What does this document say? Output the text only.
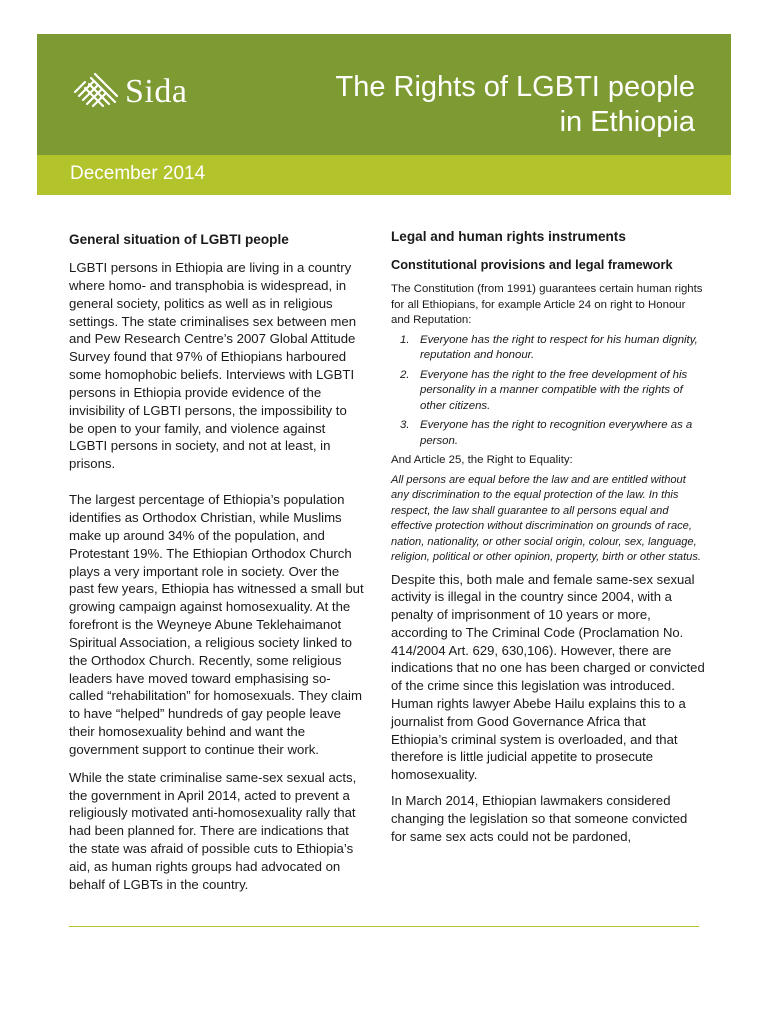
Sida	The Rights of LGBTI people
in Ethiopia
December 2014
General situation of LGBTI people

LGBTI persons in Ethiopia are living in a country where homo- and transphobia is widespread, in general society, politics as well as in religious settings. The state criminalises sex between men and Pew Research Centre’s 2007 Global Attitude Survey found that 97% of Ethiopians harboured some homophobic beliefs. Interviews with LGBTI persons in Ethiopia provide evidence of the invisibility of LGBTI persons, the impossibility to be open to your family, and violence against LGBTI persons in society, and not at least, in prisons.

The largest percentage of Ethiopia’s population identifies as Orthodox Christian, while Muslims make up around 34% of the population, and Protestant 19%. The Ethiopian Orthodox Church plays a very important role in society. Over the past few years, Ethiopia has witnessed a small but growing campaign against homosexuality. At the forefront is the Weyneye Abune Teklehaimanot Spiritual Association, a religious society linked to the Orthodox Church. Recently, some religious leaders have moved toward emphasising so-called “rehabilitation” for homosexuals. They claim to have “helped” hundreds of gay people leave their homosexuality behind and want the government support to continue their work.

While the state criminalise same-sex sexual acts, the government in April 2014, acted to prevent a religiously motivated anti-homosexuality rally that had been planned for. There are indications that the state was afraid of possible cuts to Ethiopia’s aid, as human rights groups had advocated on behalf of LGBTs in the country.

Legal and human rights instruments
Constitutional provisions and legal framework

The Constitution (from 1991) guarantees certain human rights for all Ethiopians, for example Article 24 on right to Honour and Reputation:

1. Everyone has the right to respect for his human dignity, reputation and honour.
2. Everyone has the right to the free development of his personality in a manner compatible with the rights of other citizens.
3. Everyone has the right to recognition everywhere as a person.

And Article 25, the Right to Equality:

All persons are equal before the law and are entitled without any discrimination to the equal protection of the law. In this respect, the law shall guarantee to all persons equal and effective protection without discrimination on grounds of race, nation, nationality, or other social origin, colour, sex, language, religion, political or other opinion, property, birth or other status.

Despite this, both male and female same-sex sexual activity is illegal in the country since 2004, with a penalty of imprisonment of 10 years or more, according to The Criminal Code (Proclamation No. 414/2004 Art. 629, 630,106). However, there are indications that no one has been charged or convicted of the crime since this legislation was introduced. Human rights lawyer Abebe Hailu explains this to a journalist from Good Governance Africa that Ethiopia’s criminal system is overloaded, and that therefore is little judicial appetite to prosecute homosexuality.

In March 2014, Ethiopian lawmakers considered changing the legislation so that someone convicted for same sex acts could not be pardoned,
